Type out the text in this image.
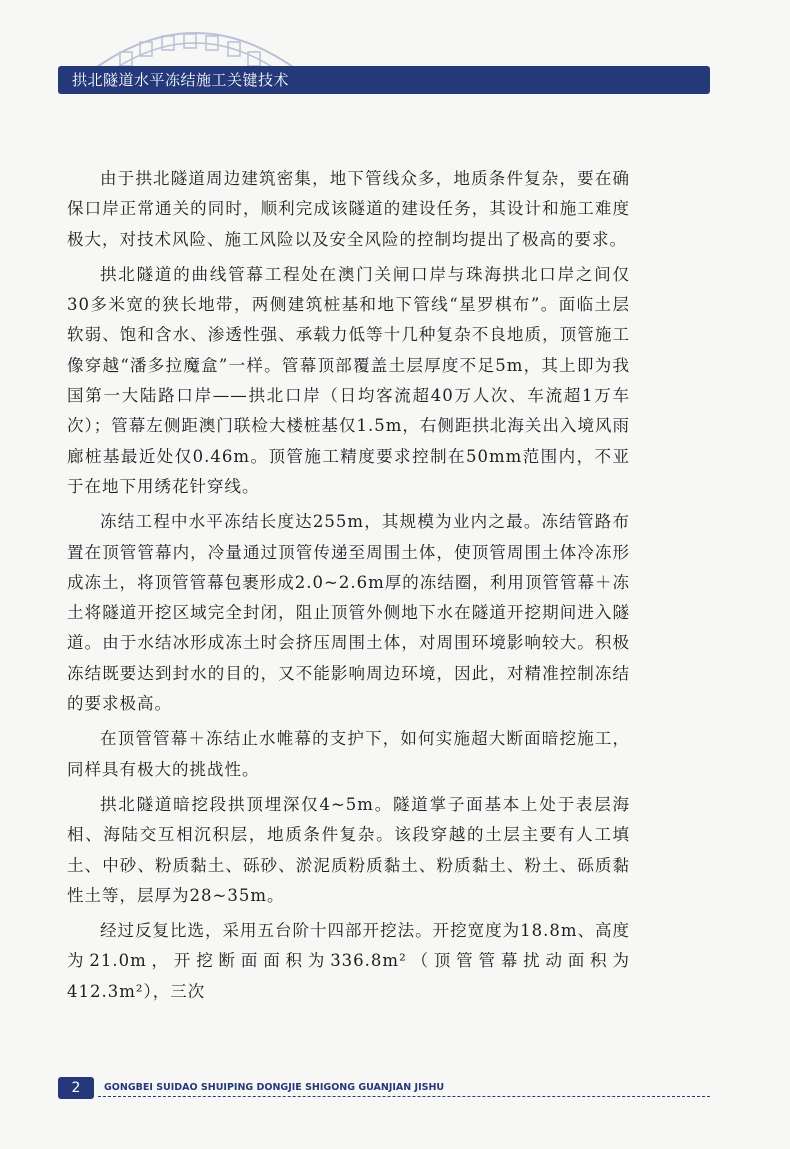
拱北隧道水平冻结施工关键技术

由于拱北隧道周边建筑密集，地下管线众多，地质条件复杂，要在确保口岸正常通关的同时，顺利完成该隧道的建设任务，其设计和施工难度极大，对技术风险、施工风险以及安全风险的控制均提出了极高的要求。

拱北隧道的曲线管幕工程处在澳门关闸口岸与珠海拱北口岸之间仅30多米宽的狭长地带，两侧建筑桩基和地下管线“星罗棋布”。面临土层软弱、饱和含水、渗透性强、承载力低等十几种复杂不良地质，顶管施工像穿越“潘多拉魔盒”一样。管幕顶部覆盖土层厚度不足5m，其上即为我国第一大陆路口岸——拱北口岸（日均客流超40万人次、车流超1万车次）；管幕左侧距澳门联检大楼桩基仅1.5m，右侧距拱北海关出入境风雨廊桩基最近处仅0.46m。顶管施工精度要求控制在50mm范围内，不亚于在地下用绣花针穿线。

冻结工程中水平冻结长度达255m，其规模为业内之最。冻结管路布置在顶管管幕内，冷量通过顶管传递至周围土体，使顶管周围土体冷冻形成冻土，将顶管管幕包裹形成2.0~2.6m厚的冻结圈，利用顶管管幕＋冻土将隧道开挖区域完全封闭，阻止顶管外侧地下水在隧道开挖期间进入隧道。由于水结冰形成冻土时会挤压周围土体，对周围环境影响较大。积极冻结既要达到封水的目的，又不能影响周边环境，因此，对精准控制冻结的要求极高。

在顶管管幕＋冻结止水帷幕的支护下，如何实施超大断面暗挖施工，同样具有极大的挑战性。

拱北隧道暗挖段拱顶埋深仅4~5m。隧道掌子面基本上处于表层海相、海陆交互相沉积层，地质条件复杂。该段穿越的土层主要有人工填土、中砂、粉质黏土、砾砂、淤泥质粉质黏土、粉质黏土、粉土、砾质黏性土等，层厚为28~35m。

经过反复比选，采用五台阶十四部开挖法。开挖宽度为18.8m、高度为21.0m，开挖断面面积为336.8m²（顶管管幕扰动面积为412.3m²），三次

2	GONGBEI SUIDAO SHUIPING DONGJIE SHIGONG GUANJIAN JISHU
